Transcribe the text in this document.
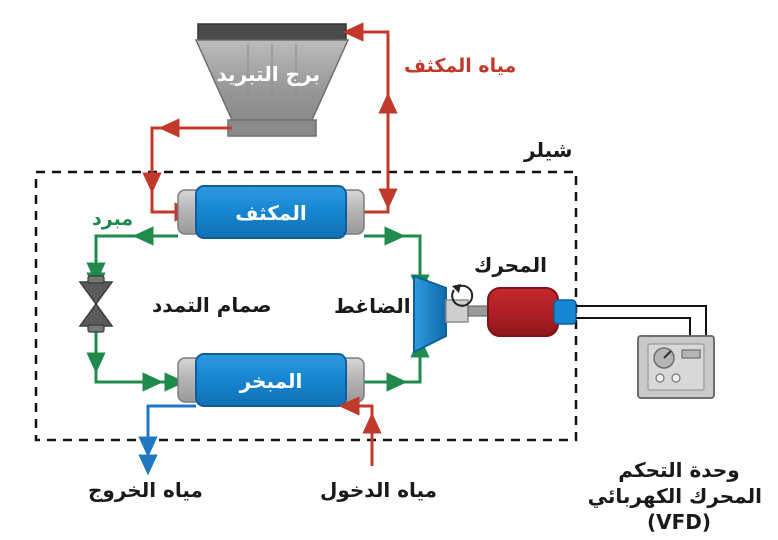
برج التبريد	مياه المكثف
شيلر
المكثف
مبرد
صمام التمدد	الضاغط
المحرك
المبخر
مياه الخروج	مياه الدخول
وحدة التحكم
المحرك الكهربائي
(VFD)
